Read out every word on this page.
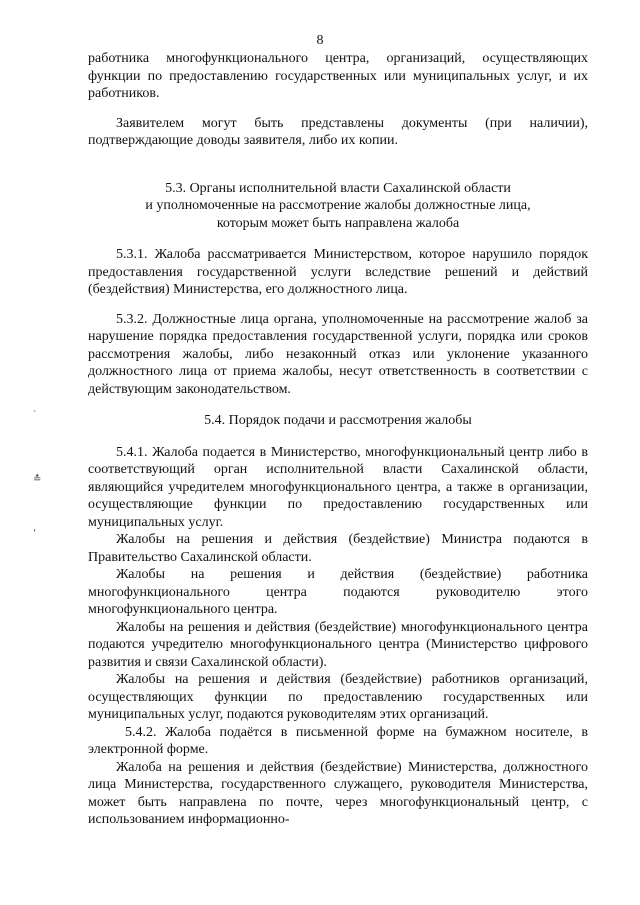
8
`
≛
ʻ

работника многофункционального центра, организаций, осуществляющих функции по предоставлению государственных или муниципальных услуг, и их работников.

Заявителем могут быть представлены документы (при наличии), подтверждающие доводы заявителя, либо их копии.

5.3. Органы исполнительной власти Сахалинской области
и уполномоченные на рассмотрение жалобы должностные лица,
которым может быть направлена жалоба

5.3.1. Жалоба рассматривается Министерством, которое нарушило порядок предоставления государственной услуги вследствие решений и действий (бездействия) Министерства, его должностного лица.

5.3.2. Должностные лица органа, уполномоченные на рассмотрение жалоб за нарушение порядка предоставления государственной услуги, порядка или сроков рассмотрения жалобы, либо незаконный отказ или уклонение указанного должностного лица от приема жалобы, несут ответственность в соответствии с действующим законодательством.

5.4. Порядок подачи и рассмотрения жалобы

5.4.1. Жалоба подается в Министерство, многофункциональный центр либо в соответствующий орган исполнительной власти Сахалинской области, являющийся учредителем многофункционального центра, а также в организации, осуществляющие функции по предоставлению государственных или муниципальных услуг.

Жалобы на решения и действия (бездействие) Министра подаются в Правительство Сахалинской области.

Жалобы на решения и действия (бездействие) работника многофункционального центра подаются руководителю этого многофункционального центра.

Жалобы на решения и действия (бездействие) многофункционального центра подаются учредителю многофункционального центра (Министерство цифрового развития и связи Сахалинской области).

Жалобы на решения и действия (бездействие) работников организаций, осуществляющих функции по предоставлению государственных или муниципальных услуг, подаются руководителям этих организаций.

5.4.2. Жалоба подаётся в письменной форме на бумажном носителе, в электронной форме.

Жалоба на решения и действия (бездействие) Министерства, должностного лица Министерства, государственного служащего, руководителя Министерства, может быть направлена по почте, через многофункциональный центр, с использованием информационно-
